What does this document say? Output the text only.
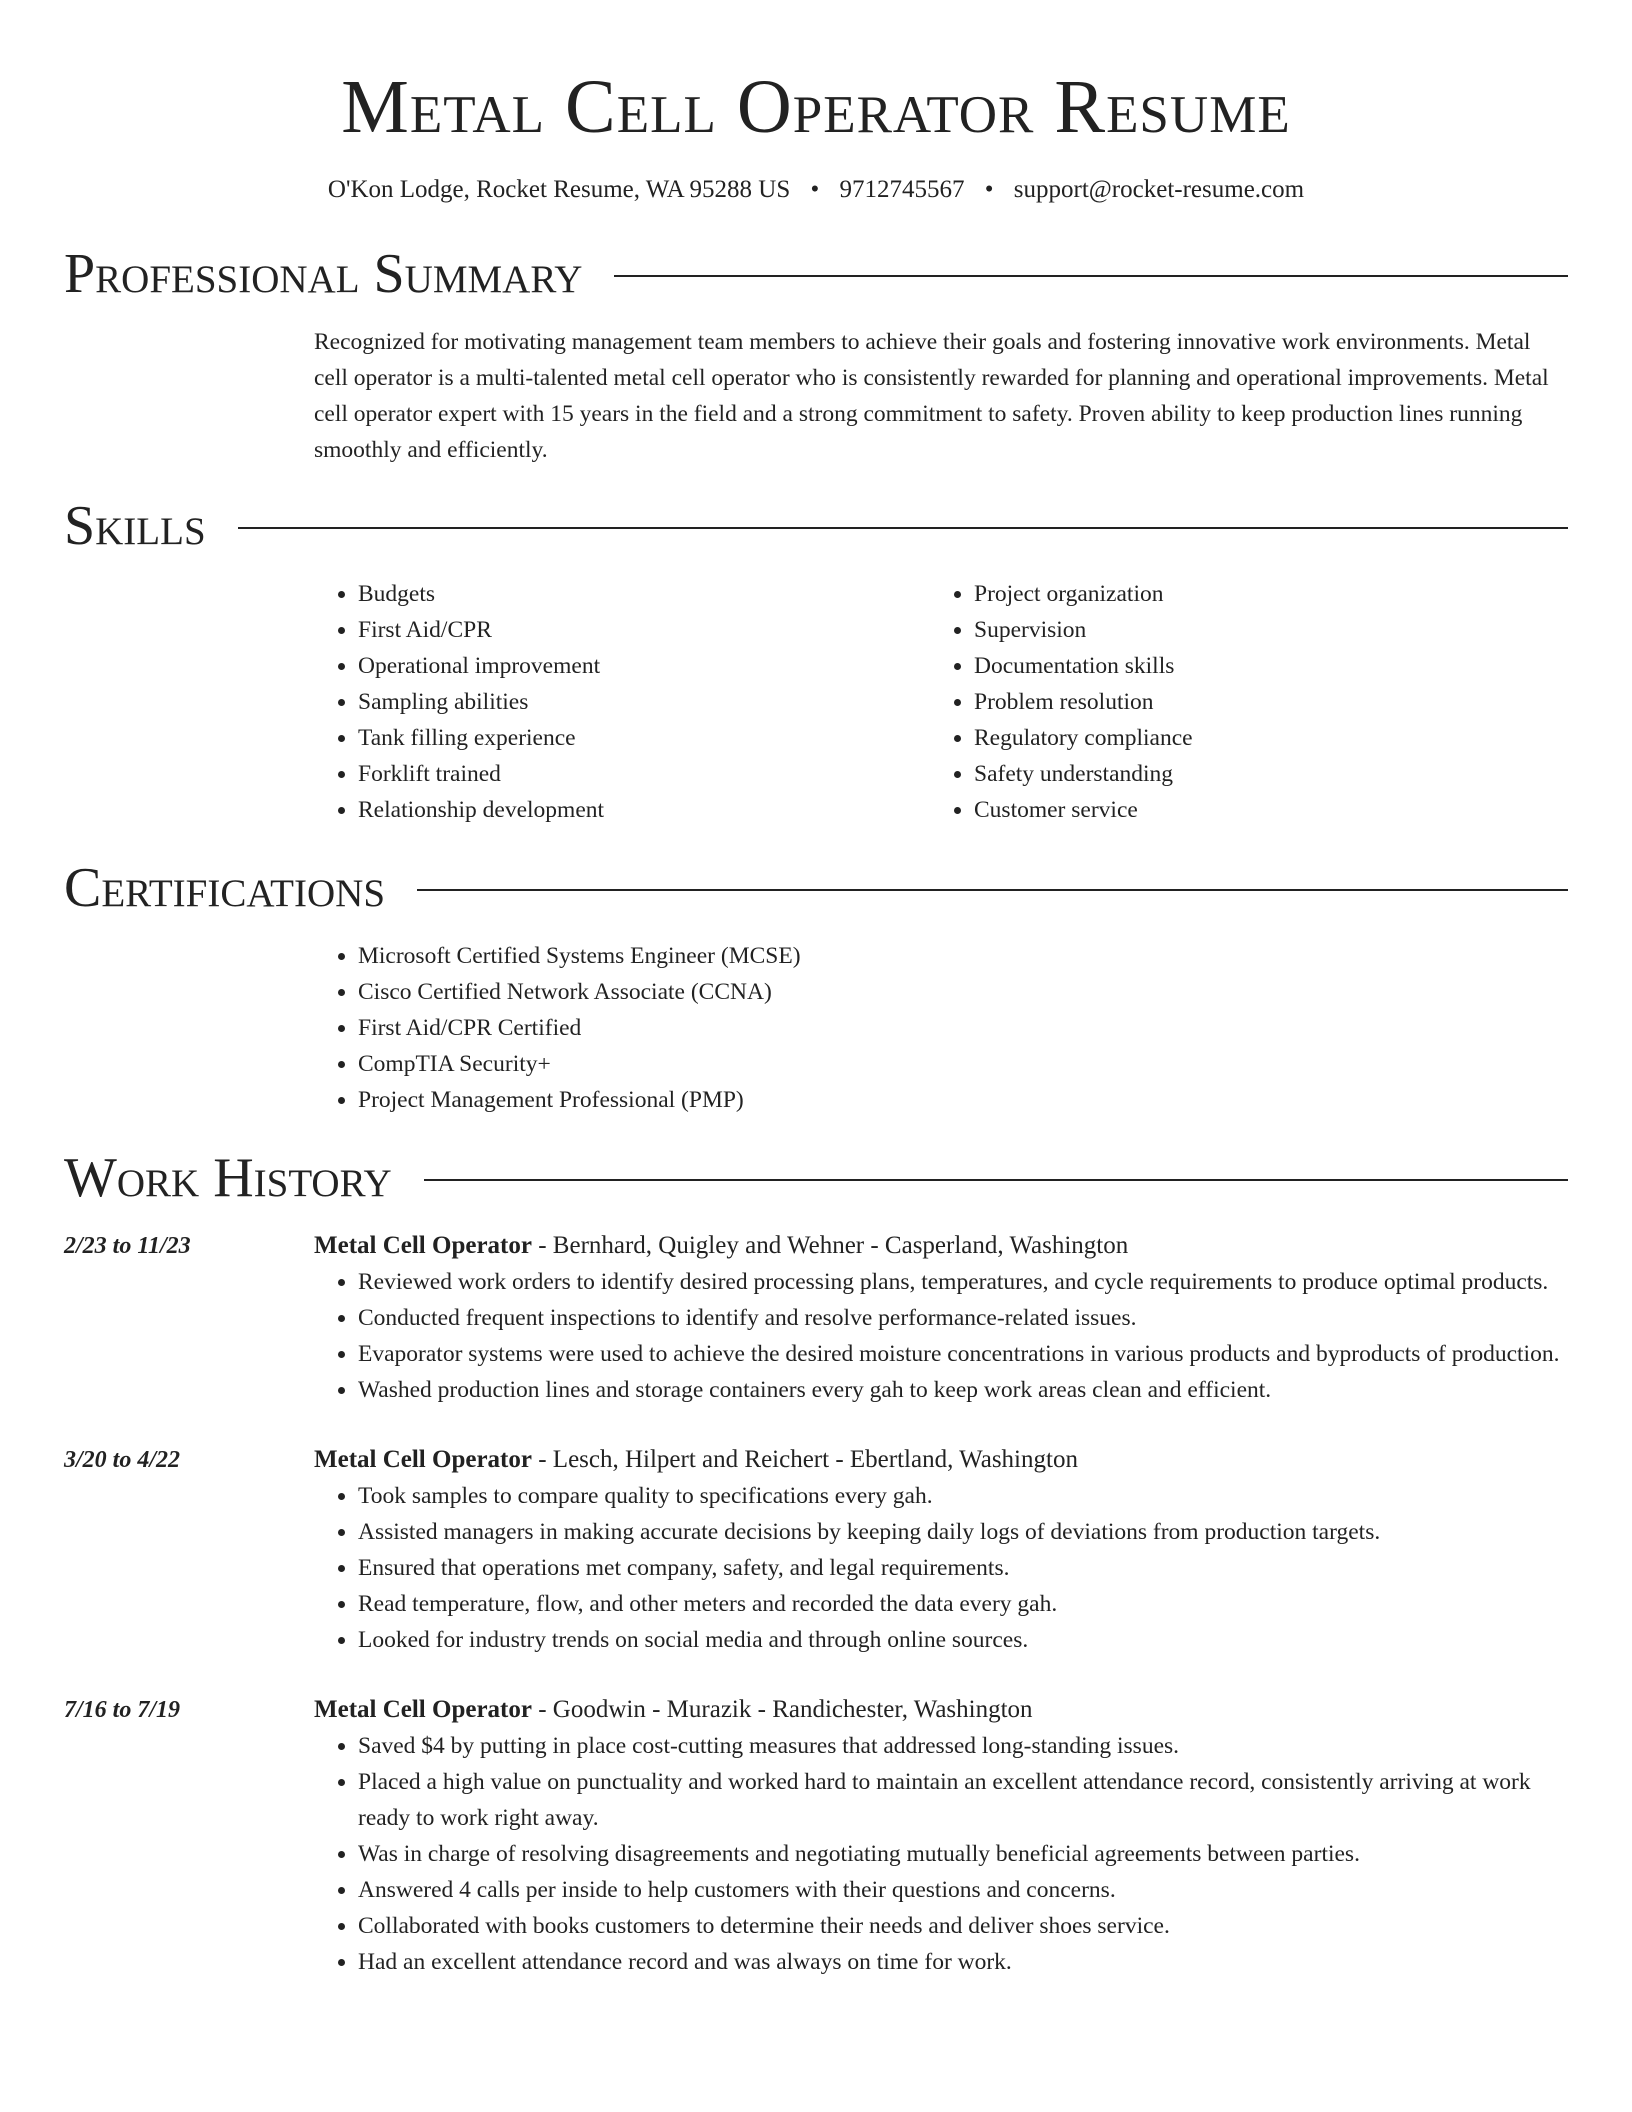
Metal Cell Operator Resume
O'Kon Lodge, Rocket Resume, WA 95288 US • 9712745567 • support@rocket-resume.com
Professional Summary

Recognized for motivating management team members to achieve their goals and fostering innovative work environments. Metal cell operator is a multi-talented metal cell operator who is consistently rewarded for planning and operational improvements. Metal cell operator expert with 15 years in the field and a strong commitment to safety. Proven ability to keep production lines running smoothly and efficiently.

Skills
• Budgets
• First Aid/CPR
• Operational improvement
• Sampling abilities
• Tank filling experience
• Forklift trained
• Relationship development
• Project organization
• Supervision
• Documentation skills
• Problem resolution
• Regulatory compliance
• Safety understanding
• Customer service
Certifications
• Microsoft Certified Systems Engineer (MCSE)
• Cisco Certified Network Associate (CCNA)
• First Aid/CPR Certified
• CompTIA Security+
• Project Management Professional (PMP)
Work History
2/23 to 11/23	Metal Cell Operator - Bernhard, Quigley and Wehner - Casperland, Washington
• Reviewed work orders to identify desired processing plans, temperatures, and cycle requirements to produce optimal products.
• Conducted frequent inspections to identify and resolve performance-related issues.
• Evaporator systems were used to achieve the desired moisture concentrations in various products and byproducts of production.
• Washed production lines and storage containers every gah to keep work areas clean and efficient.
3/20 to 4/22	Metal Cell Operator - Lesch, Hilpert and Reichert - Ebertland, Washington
• Took samples to compare quality to specifications every gah.
• Assisted managers in making accurate decisions by keeping daily logs of deviations from production targets.
• Ensured that operations met company, safety, and legal requirements.
• Read temperature, flow, and other meters and recorded the data every gah.
• Looked for industry trends on social media and through online sources.
7/16 to 7/19	Metal Cell Operator - Goodwin - Murazik - Randichester, Washington
• Saved $4 by putting in place cost-cutting measures that addressed long-standing issues.
• Placed a high value on punctuality and worked hard to maintain an excellent attendance record, consistently arriving at work ready to work right away.
• Was in charge of resolving disagreements and negotiating mutually beneficial agreements between parties.
• Answered 4 calls per inside to help customers with their questions and concerns.
• Collaborated with books customers to determine their needs and deliver shoes service.
• Had an excellent attendance record and was always on time for work.
